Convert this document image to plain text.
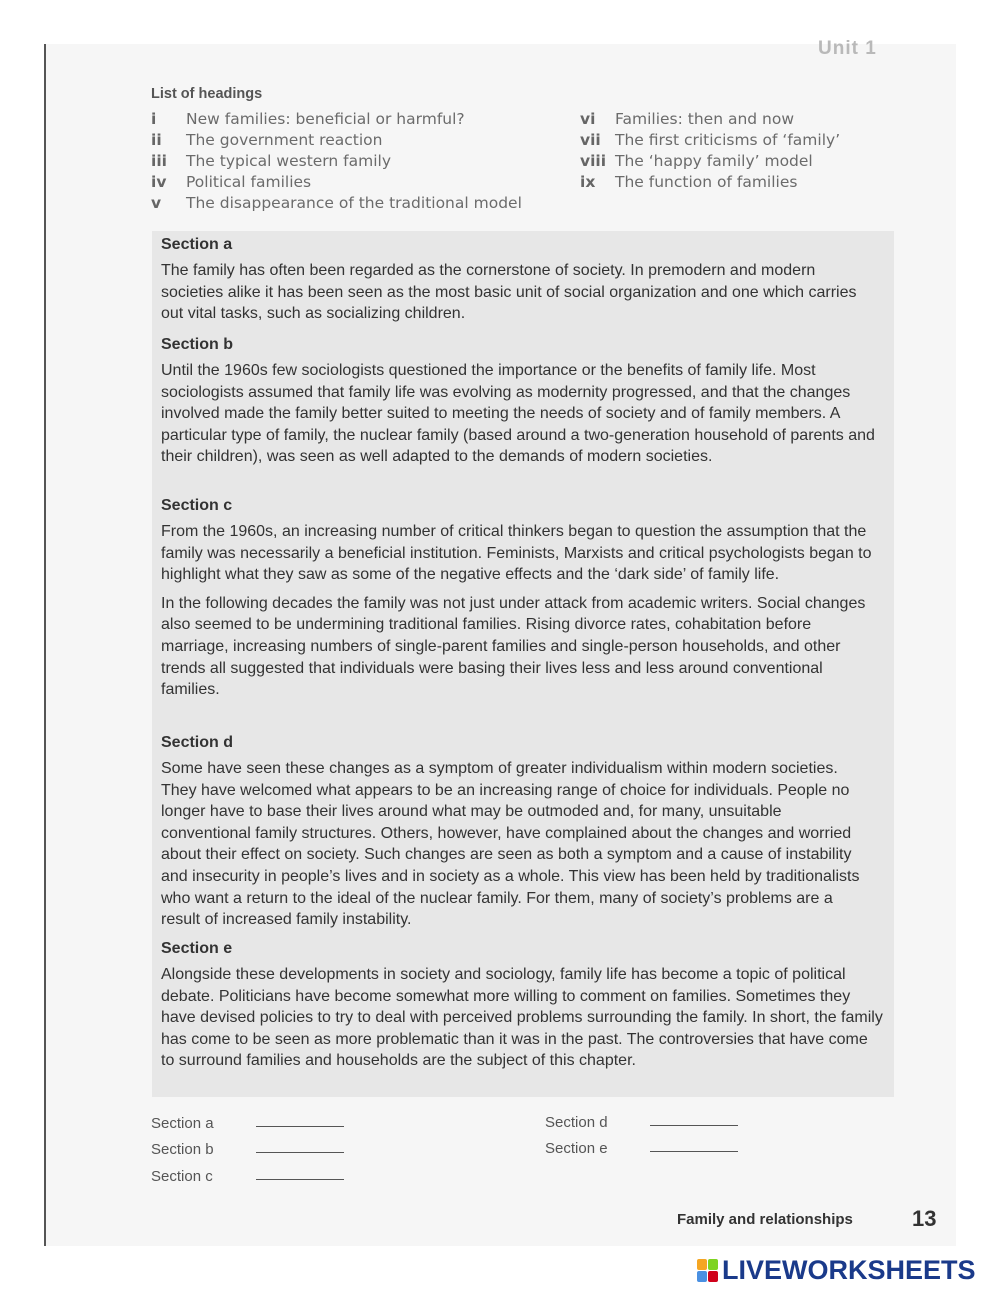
Unit 1
List of headings
i	New families: beneficial or harmful?
ii	The government reaction
iii	The typical western family
iv	Political families
v	The disappearance of the traditional model
vi	Families: then and now
vii The first criticisms of ‘family’
viii The ‘happy family’ model
ix	The function of families
Section a

The family has often been regarded as the cornerstone of society. In premodern and modern societies alike it has been seen as the most basic unit of social organization and one which carries out vital tasks, such as socializing children.

Section b

Until the 1960s few sociologists questioned the importance or the benefits of family life. Most sociologists assumed that family life was evolving as modernity progressed, and that the changes involved made the family better suited to meeting the needs of society and of family members. A particular type of family, the nuclear family (based around a two-generation household of parents and their children), was seen as well adapted to the demands of modern societies.

Section c

From the 1960s, an increasing number of critical thinkers began to question the assumption that the family was necessarily a beneficial institution. Feminists, Marxists and critical psychologists began to highlight what they saw as some of the negative effects and the ‘dark side’ of family life.

In the following decades the family was not just under attack from academic writers. Social changes also seemed to be undermining traditional families. Rising divorce rates, cohabitation before marriage, increasing numbers of single-parent families and single-person households, and other trends all suggested that individuals were basing their lives less and less around conventional families.

Section d

Some have seen these changes as a symptom of greater individualism within modern societies. They have welcomed what appears to be an increasing range of choice for individuals. People no longer have to base their lives around what may be outmoded and, for many, unsuitable conventional family structures. Others, however, have complained about the changes and worried about their effect on society. Such changes are seen as both a symptom and a cause of instability and insecurity in people’s lives and in society as a whole. This view has been held by traditionalists who want a return to the ideal of the nuclear family. For them, many of society’s problems are a result of increased family instability.

Section e

Alongside these developments in society and sociology, family life has become a topic of political debate. Politicians have become somewhat more willing to comment on families. Sometimes they have devised policies to try to deal with perceived problems surrounding the family. In short, the family has come to be seen as more problematic than it was in the past. The controversies that have come to surround families and households are the subject of this chapter.

Section a
Section b
Section c
Section d
Section e
Family and relationships	13
LIVEWORKSHEETS
